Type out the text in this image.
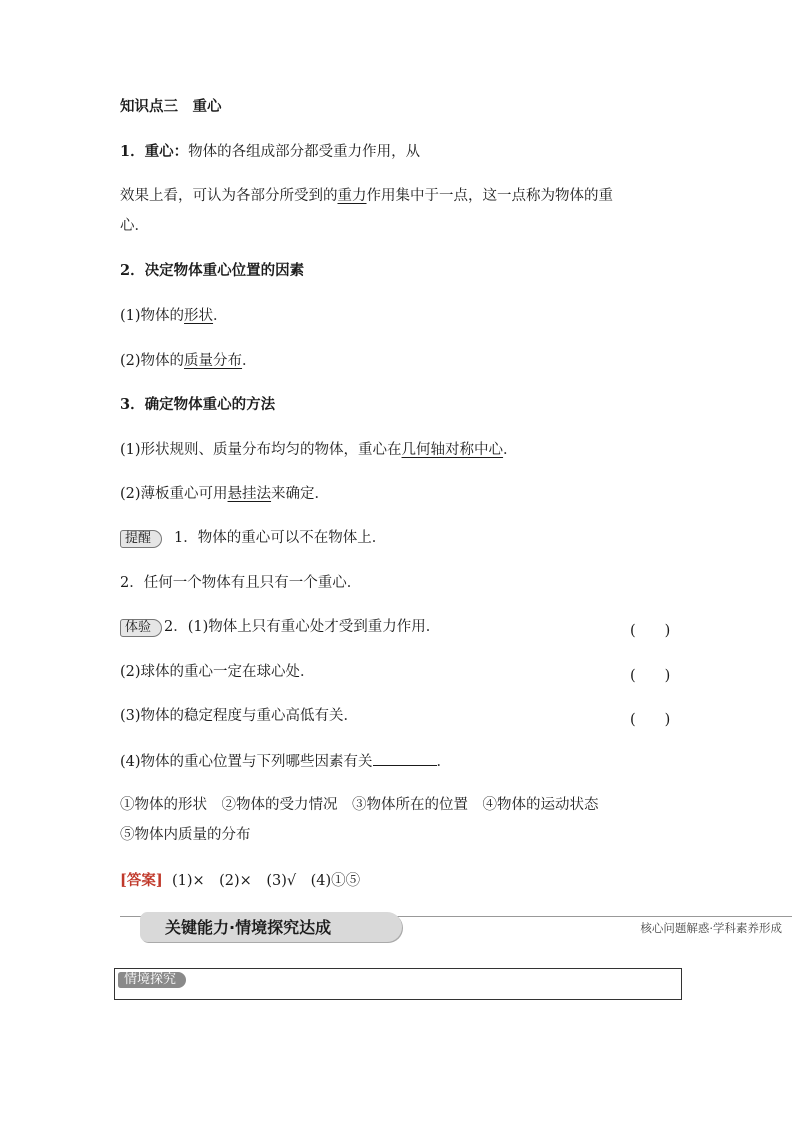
知识点三　重心
1．重心：物体的各组成部分都受重力作用，从
效果上看，可认为各部分所受到的重力作用集中于一点，这一点称为物体的重
心．
2．决定物体重心位置的因素
(1)物体的形状．
(2)物体的质量分布．
3．确定物体重心的方法
(1)形状规则、质量分布均匀的物体，重心在几何轴对称中心．
(2)薄板重心可用悬挂法来确定．
提醒 1．物体的重心可以不在物体上．
2．任何一个物体有且只有一个重心．
体验 2．(1)物体上只有重心处才受到重力作用．	(　　)
(2)球体的重心一定在球心处．	(　　)
(3)物体的稳定程度与重心高低有关．	(　　)
(4)物体的重心位置与下列哪些因素有关	．
①物体的形状　②物体的受力情况　③物体所在的位置　④物体的运动状态
⑤物体内质量的分布
[答案] (1)×　(2)×　(3)√　(4)①⑤
关键能力·情境探究达成	核心问题解惑·学科素养形成
情境探究
